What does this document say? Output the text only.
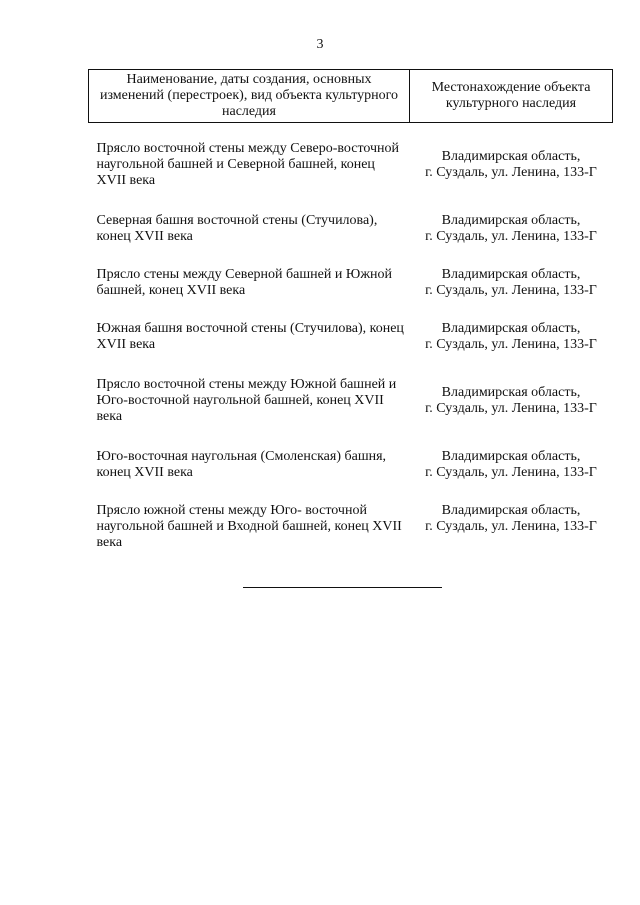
3
Наименование, даты создания, основных изменений (перестроек), вид объекта культурного наследия	Местонахождение объекта культурного наследия

Прясло восточной стены между Северо-восточной наугольной башней и Северной башней, конец XVII века	Владимирская область,
г. Суздаль, ул. Ленина, 133-Г

Северная башня восточной стены (Стучилова), конец XVII века	Владимирская область,
г. Суздаль, ул. Ленина, 133-Г

Прясло стены между Северной башней и Южной башней, конец XVII века	Владимирская область,
г. Суздаль, ул. Ленина, 133-Г

Южная башня восточной стены (Стучилова), конец XVII века	Владимирская область,
г. Суздаль, ул. Ленина, 133-Г

Прясло восточной стены между Южной башней и Юго-восточной наугольной башней, конец XVII века	Владимирская область,
г. Суздаль, ул. Ленина, 133-Г

Юго-восточная наугольная (Смоленская) башня, конец XVII века	Владимирская область,
г. Суздаль, ул. Ленина, 133-Г

Прясло южной стены между Юго- восточной наугольной башней и Входной башней, конец XVII века	Владимирская область,
г. Суздаль, ул. Ленина, 133-Г
